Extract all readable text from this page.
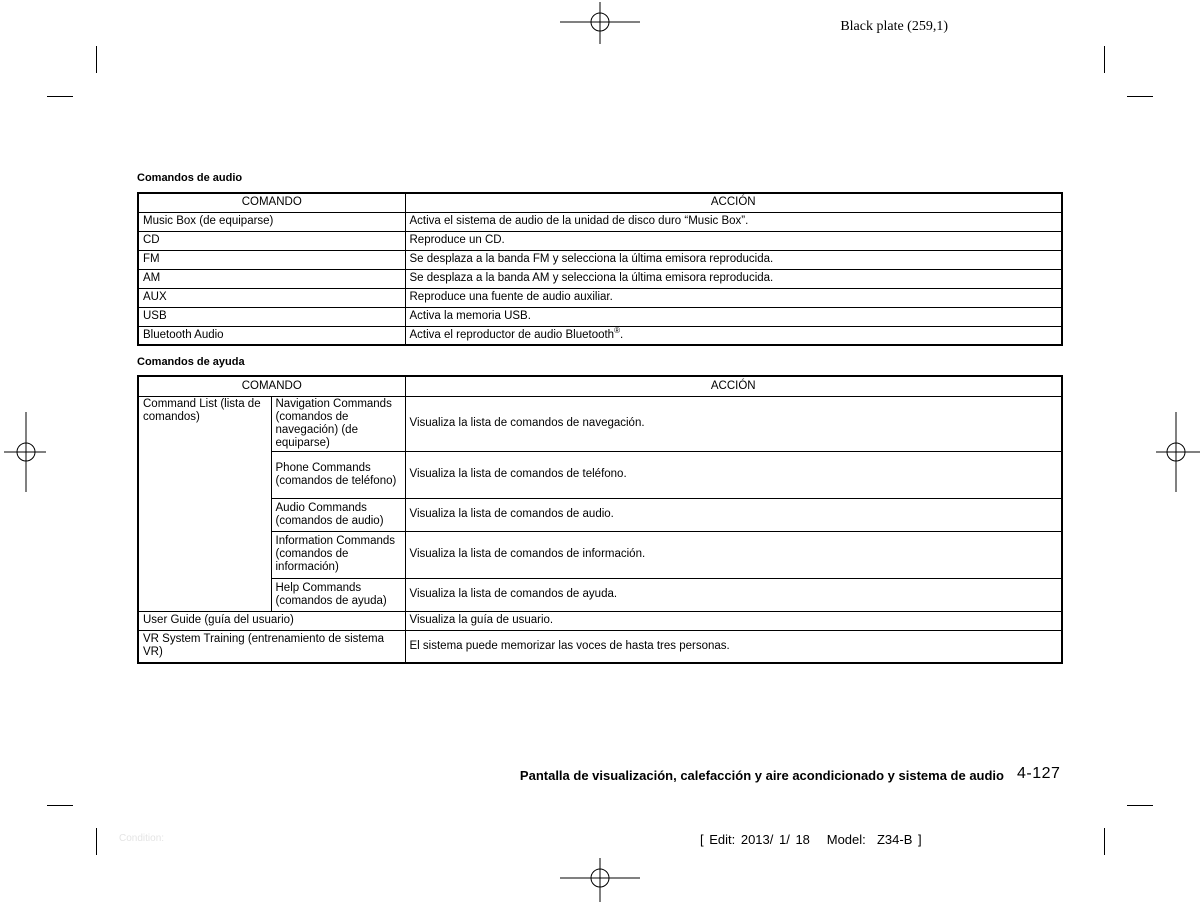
Black plate (259,1)
Comandos de audio
COMANDO	ACCIÓN
Music Box (de equiparse)	Activa el sistema de audio de la unidad de disco duro “Music Box”.
CD	Reproduce un CD.
FM	Se desplaza a la banda FM y selecciona la última emisora reproducida.
AM	Se desplaza a la banda AM y selecciona la última emisora reproducida.
AUX	Reproduce una fuente de audio auxiliar.
USB	Activa la memoria USB.
Bluetooth Audio	Activa el reproductor de audio Bluetooth®.
Comandos de ayuda
COMANDO		ACCIÓN
Command List (lista de comandos)	Navigation Commands (comandos de navegación) (de equiparse)	Visualiza la lista de comandos de navegación.
	Phone Commands (comandos de teléfono)	Visualiza la lista de comandos de teléfono.
	Audio Commands (comandos de audio)	Visualiza la lista de comandos de audio.
	Information Commands (comandos de información)	Visualiza la lista de comandos de información.
	Help Commands (comandos de ayuda)	Visualiza la lista de comandos de ayuda.
User Guide (guía del usuario)		Visualiza la guía de usuario.
VR System Training (entrenamiento de sistema VR)		El sistema puede memorizar las voces de hasta tres personas.
Pantalla de visualización, calefacción y aire acondicionado y sistema de audio 4-127
Condition:	[ Edit: 2013/ 1/ 18   Model:  Z34-B ]
